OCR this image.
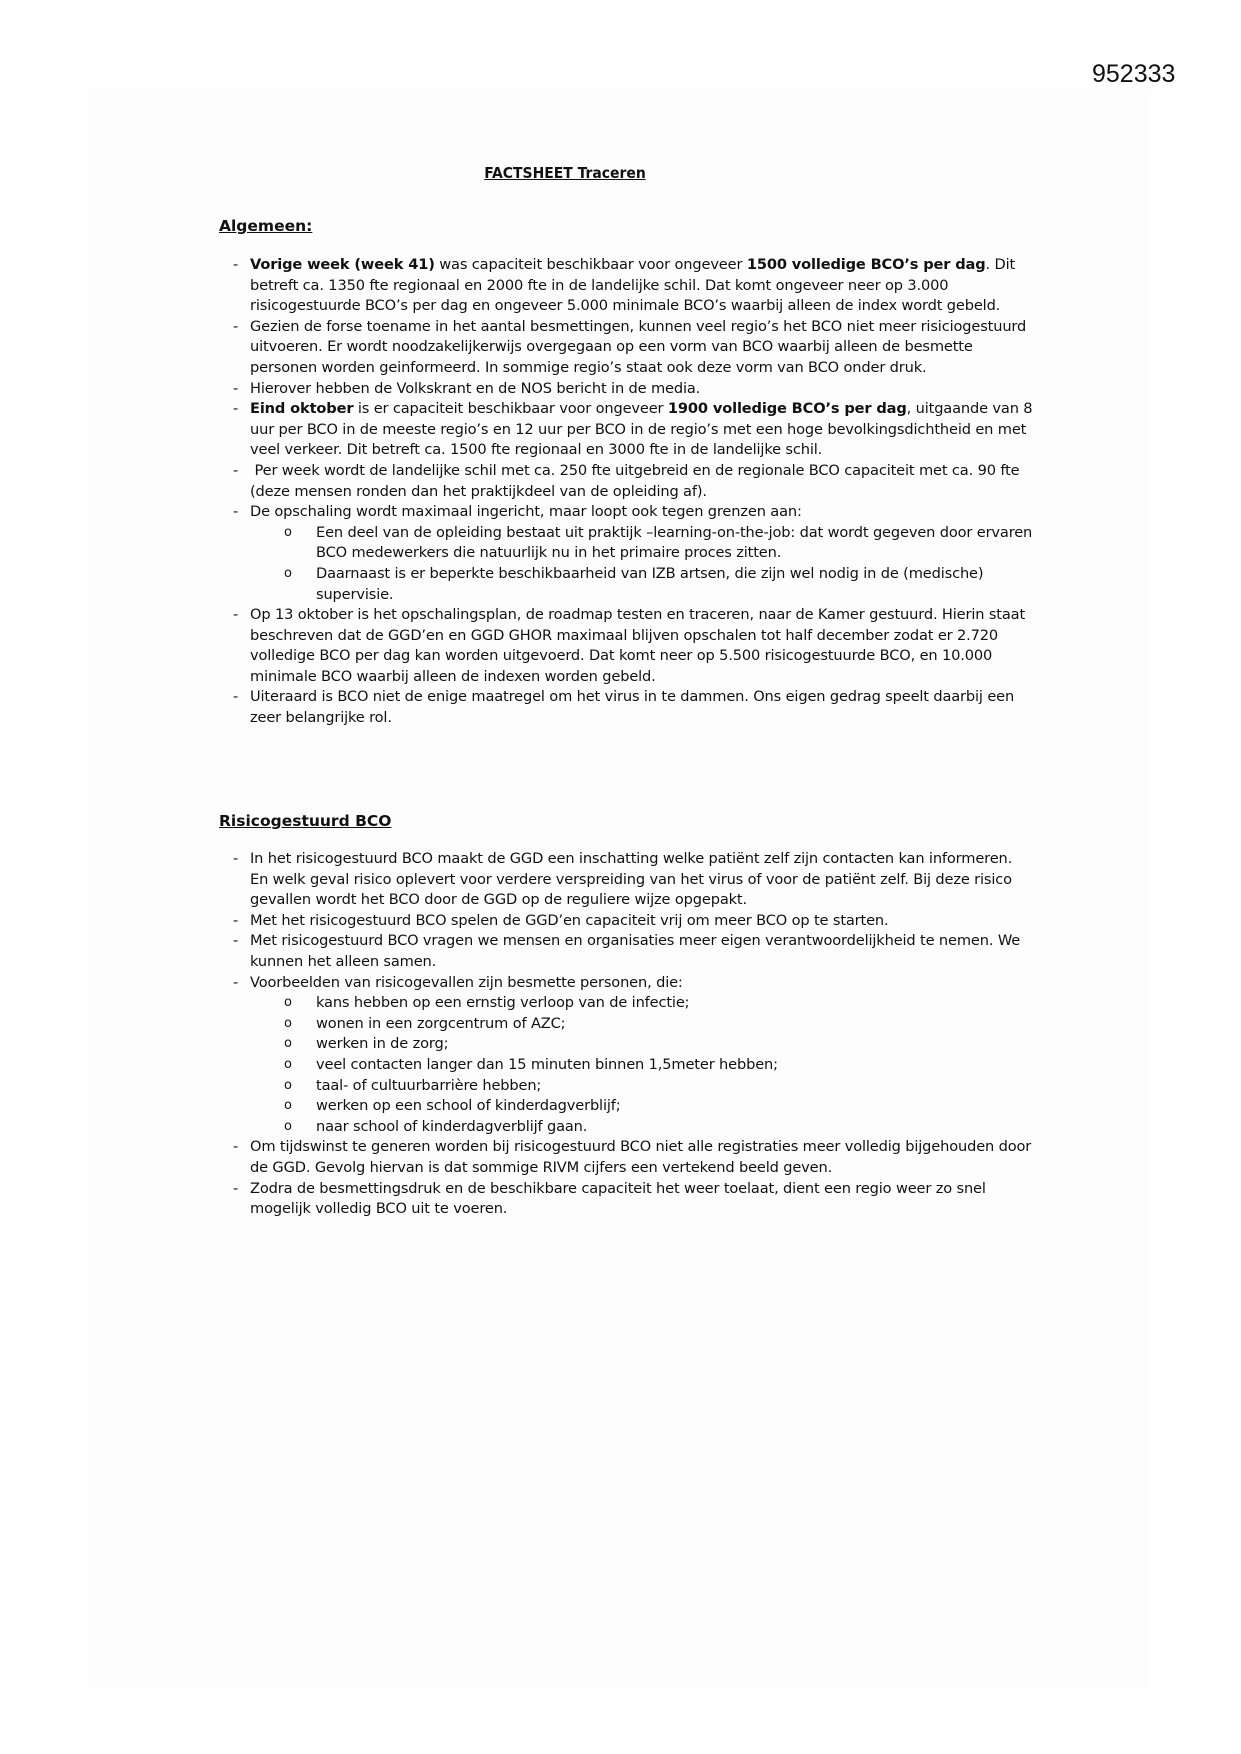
952333
FACTSHEET Traceren
Algemeen:

- Vorige week (week 41) was capaciteit beschikbaar voor ongeveer 1500 volledige BCO’s per dag. Dit betreft ca. 1350 fte regionaal en 2000 fte in de landelijke schil. Dat komt ongeveer neer op 3.000 risicogestuurde BCO’s per dag en ongeveer 5.000 minimale BCO’s waarbij alleen de index wordt gebeld.

- Gezien de forse toename in het aantal besmettingen, kunnen veel regio’s het BCO niet meer risiciogestuurd uitvoeren. Er wordt noodzakelijkerwijs overgegaan op een vorm van BCO waarbij alleen de besmette personen worden geinformeerd. In sommige regio’s staat ook deze vorm van BCO onder druk.

- Hierover hebben de Volkskrant en de NOS bericht in de media.

- Eind oktober is er capaciteit beschikbaar voor ongeveer 1900 volledige BCO’s per dag, uitgaande van 8 uur per BCO in de meeste regio’s en 12 uur per BCO in de regio’s met een hoge bevolkingsdichtheid en met veel verkeer. Dit betreft ca. 1500 fte regionaal en 3000 fte in de landelijke schil.

- Per week wordt de landelijke schil met ca. 250 fte uitgebreid en de regionale BCO capaciteit met ca. 90 fte (deze mensen ronden dan het praktijkdeel van de opleiding af).

- De opschaling wordt maximaal ingericht, maar loopt ook tegen grenzen aan:

o Een deel van de opleiding bestaat uit praktijk –learning-on-the-job: dat wordt gegeven door ervaren BCO medewerkers die natuurlijk nu in het primaire proces zitten.

o Daarnaast is er beperkte beschikbaarheid van IZB artsen, die zijn wel nodig in de (medische) supervisie.

- Op 13 oktober is het opschalingsplan, de roadmap testen en traceren, naar de Kamer gestuurd. Hierin staat beschreven dat de GGD’en en GGD GHOR maximaal blijven opschalen tot half december zodat er 2.720 volledige BCO per dag kan worden uitgevoerd. Dat komt neer op 5.500 risicogestuurde BCO, en 10.000 minimale BCO waarbij alleen de indexen worden gebeld.

- Uiteraard is BCO niet de enige maatregel om het virus in te dammen. Ons eigen gedrag speelt daarbij een zeer belangrijke rol.

Risicogestuurd BCO

- In het risicogestuurd BCO maakt de GGD een inschatting welke patiënt zelf zijn contacten kan informeren. En welk geval risico oplevert voor verdere verspreiding van het virus of voor de patiënt zelf. Bij deze risico gevallen wordt het BCO door de GGD op de reguliere wijze opgepakt.

- Met het risicogestuurd BCO spelen de GGD’en capaciteit vrij om meer BCO op te starten.

- Met risicogestuurd BCO vragen we mensen en organisaties meer eigen verantwoordelijkheid te nemen. We kunnen het alleen samen.

- Voorbeelden van risicogevallen zijn besmette personen, die:

o kans hebben op een ernstig verloop van de infectie;

o wonen in een zorgcentrum of AZC;

o werken in de zorg;

o veel contacten langer dan 15 minuten binnen 1,5meter hebben;

o taal- of cultuurbarrière hebben;

o werken op een school of kinderdagverblijf;

o naar school of kinderdagverblijf gaan.

- Om tijdswinst te generen worden bij risicogestuurd BCO niet alle registraties meer volledig bijgehouden door de GGD. Gevolg hiervan is dat sommige RIVM cijfers een vertekend beeld geven.

- Zodra de besmettingsdruk en de beschikbare capaciteit het weer toelaat, dient een regio weer zo snel mogelijk volledig BCO uit te voeren.
